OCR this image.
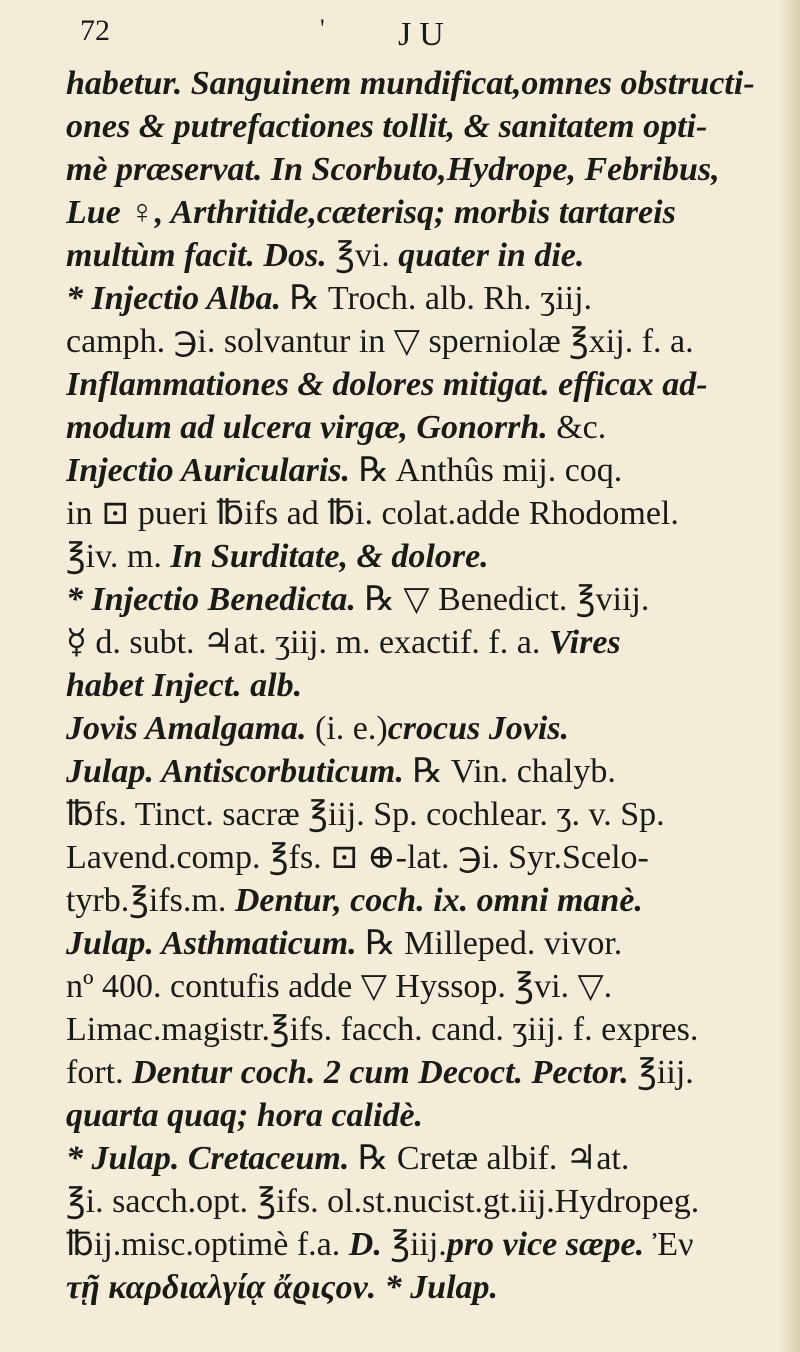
72	' JU
habetur. Sanguinem mundificat,omnes obstructi-
ones & putrefactiones tollit, & sanitatem opti-
mè præservat. In Scorbuto,Hydrope, Febribus,
Lue ♀, Arthritide,cæterisq; morbis tartareis
multùm facit. Dos. ℥vi. quater in die.
* Injectio Alba. ℞ Troch. alb. Rh. ʒiij.
camph. ℈i. solvantur in ▽ sperniolæ ℥xij. f. a.
Inflammationes & dolores mitigat. efficax ad-
modum ad ulcera virgæ, Gonorrh. &c.
Injectio Auricularis. ℞ Anthûs mij. coq.
in ⊡ pueri ℔ifs ad ℔i. colat.adde Rhodomel.
℥iv. m. In Surditate, & dolore.
* Injectio Benedicta. ℞ ▽ Benedict. ℥viij.
☿ d. subt. ♃at. ʒiij. m. exactif. f. a. Vires
habet Inject. alb.
Jovis Amalgama. (i. e.)crocus Jovis.
Julap. Antiscorbuticum. ℞ Vin. chalyb.
℔fs. Tinct. sacræ ℥iij. Sp. cochlear. ʒ. v. Sp.
Lavend.comp. ℥fs. ⊡ ⊕-lat. ℈i. Syr.Scelo-
tyrb.℥ifs.m. Dentur, coch. ix. omni manè.
Julap. Asthmaticum. ℞ Milleped. vivor.
nº 400. contufis adde ▽ Hyssop. ℥vi. ▽.
Limac.magistr.℥ifs. facch. cand. ʒiij. f. expres.
fort. Dentur coch. 2 cum Decoct. Pector. ℥iij.
quarta quaq; hora calidè.
* Julap. Cretaceum. ℞ Cretæ albif. ♃at.
℥i. sacch.opt. ℥ifs. ol.st.nucist.gt.iij.Hydropeg.
℔ij.misc.optimè f.a. D. ℥iij.pro vice sæpe. Ἐν
τῇ καρδιαλγίᾳ ἄϱιςον. * Julap.
